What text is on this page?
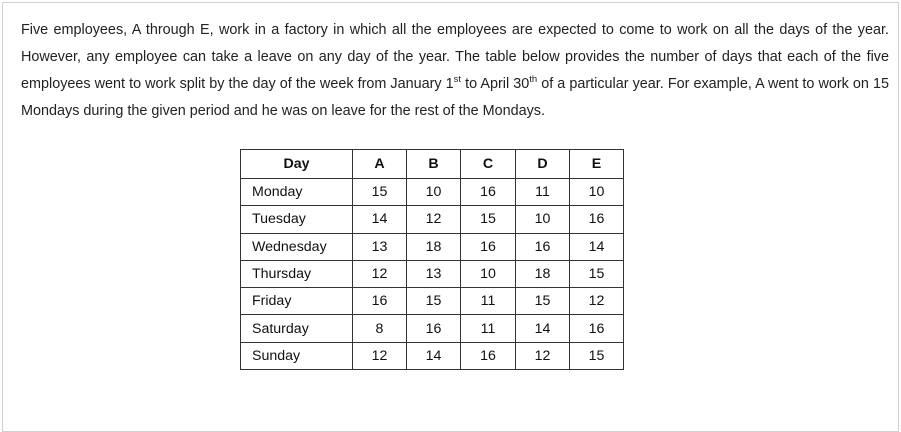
Five employees, A through E, work in a factory in which all the employees are expected to come to work on all the days of the year. However, any employee can take a leave on any day of the year. The table below provides the number of days that each of the five employees went to work split by the day of the week from January 1st to April 30th of a particular year. For example, A went to work on 15 Mondays during the given period and he was on leave for the rest of the Mondays.

Day	A	B	C	D	E
Monday	15	10	16	11	10
Tuesday	14	12	15	10	16
Wednesday	13	18	16	16	14
Thursday	12	13	10	18	15
Friday	16	15	11	15	12
Saturday	8	16	11	14	16
Sunday	12	14	16	12	15
